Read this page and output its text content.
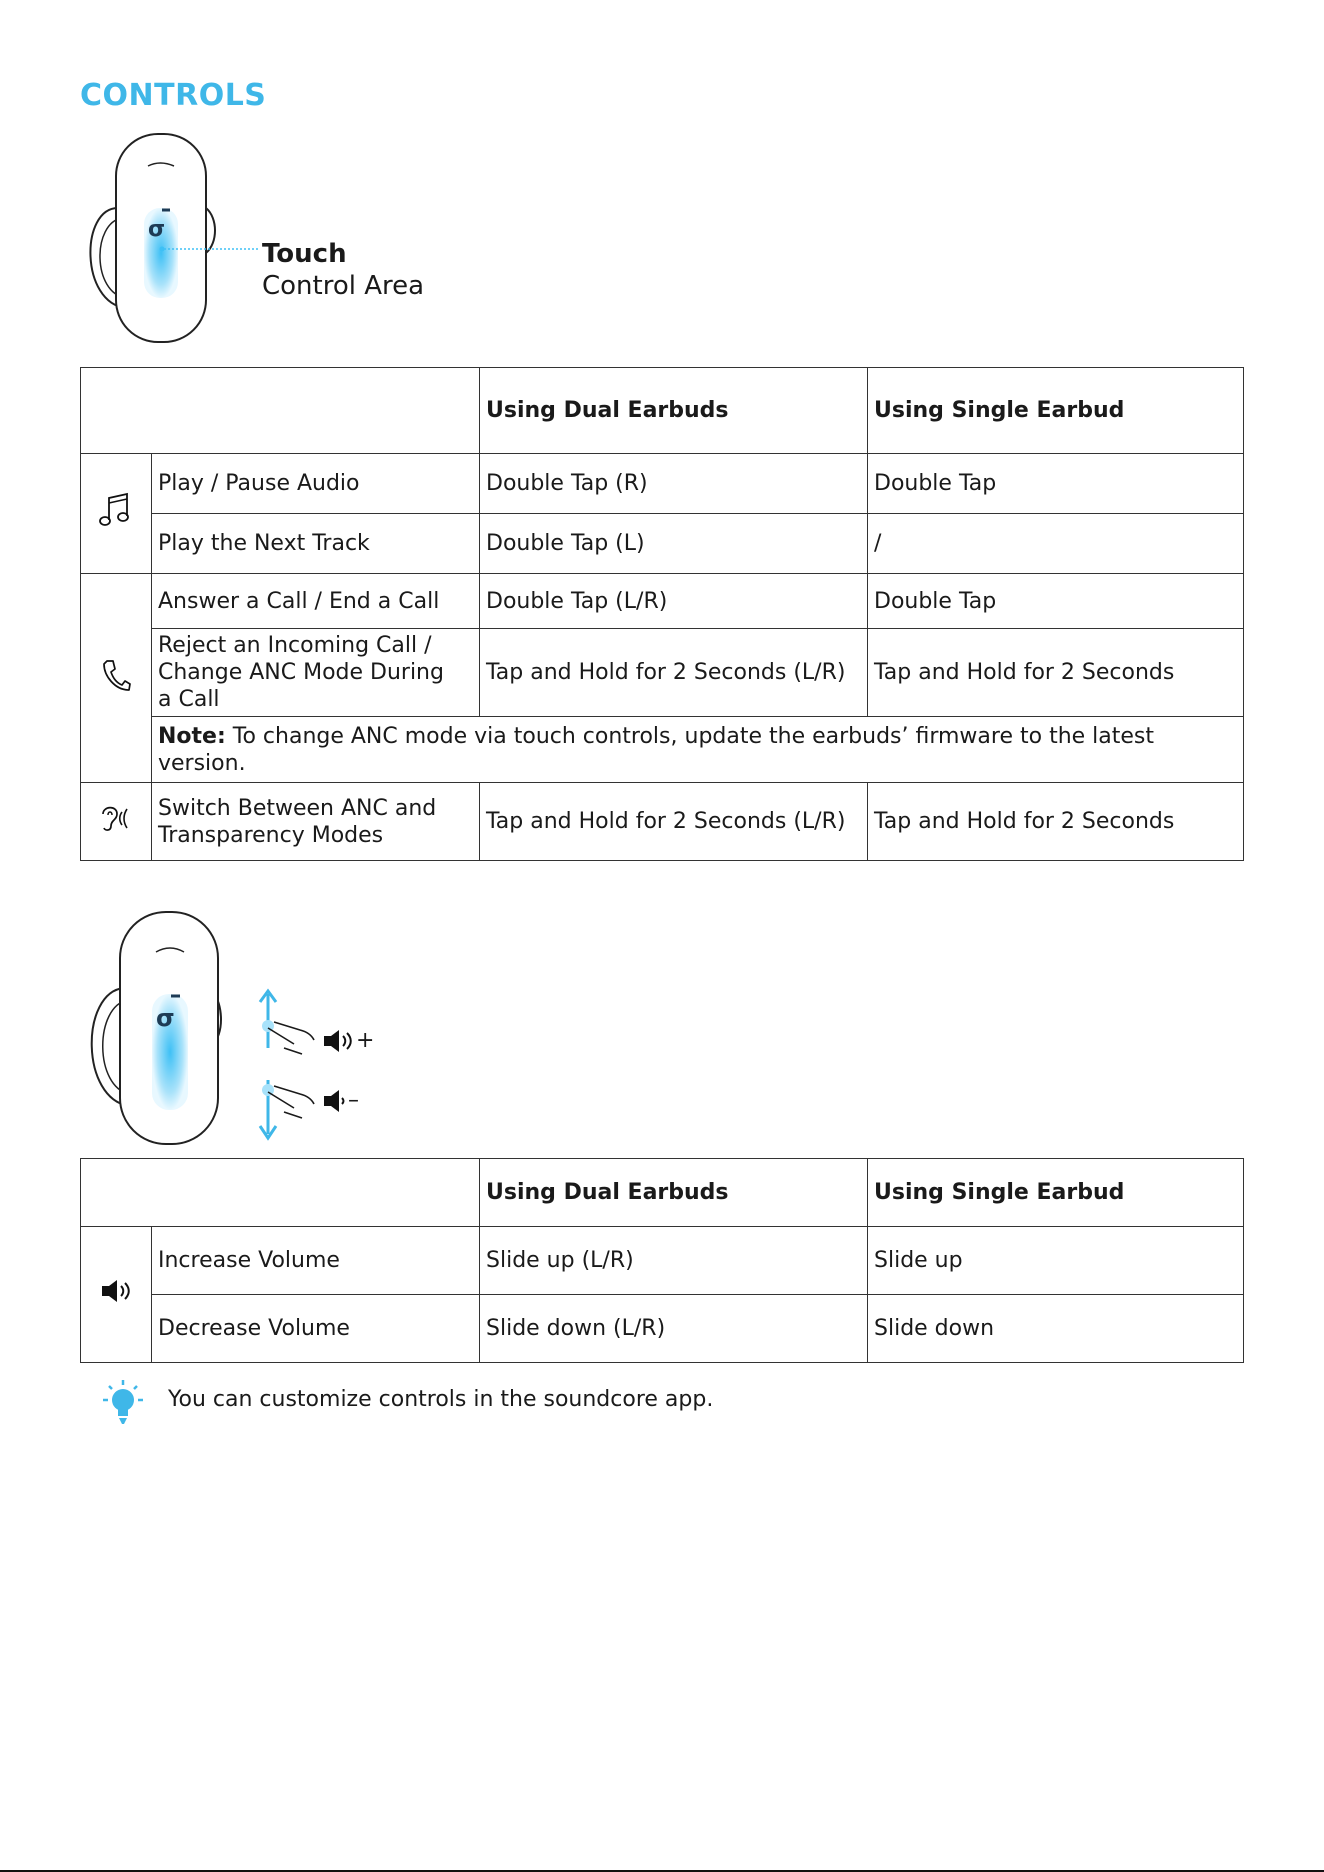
CONTROLS
σ
Touch
Control Area
		Using Dual Earbuds	Using Single Earbud
	Play / Pause Audio	Double Tap (R)	Double Tap
	Play the Next Track	Double Tap (L)	/
	Answer a Call / End a Call	Double Tap (L/R)	Double Tap

	Reject an Incoming Call /
Change ANC Mode During
a Call	Tap and Hold for 2 Seconds (L/R)	Tap and Hold for 2 Seconds

	Note: To change ANC mode via touch controls, update the earbuds’ firmware to the latest
version.		

Switch Between ANC and
Transparency Modes	Tap and Hold for 2 Seconds (L/R)	Tap and Hold for 2 Seconds
σ
+
–
		Using Dual Earbuds	Using Single Earbud
	Increase Volume	Slide up (L/R)	Slide up
	Decrease Volume	Slide down (L/R)	Slide down
You can customize controls in the soundcore app.
